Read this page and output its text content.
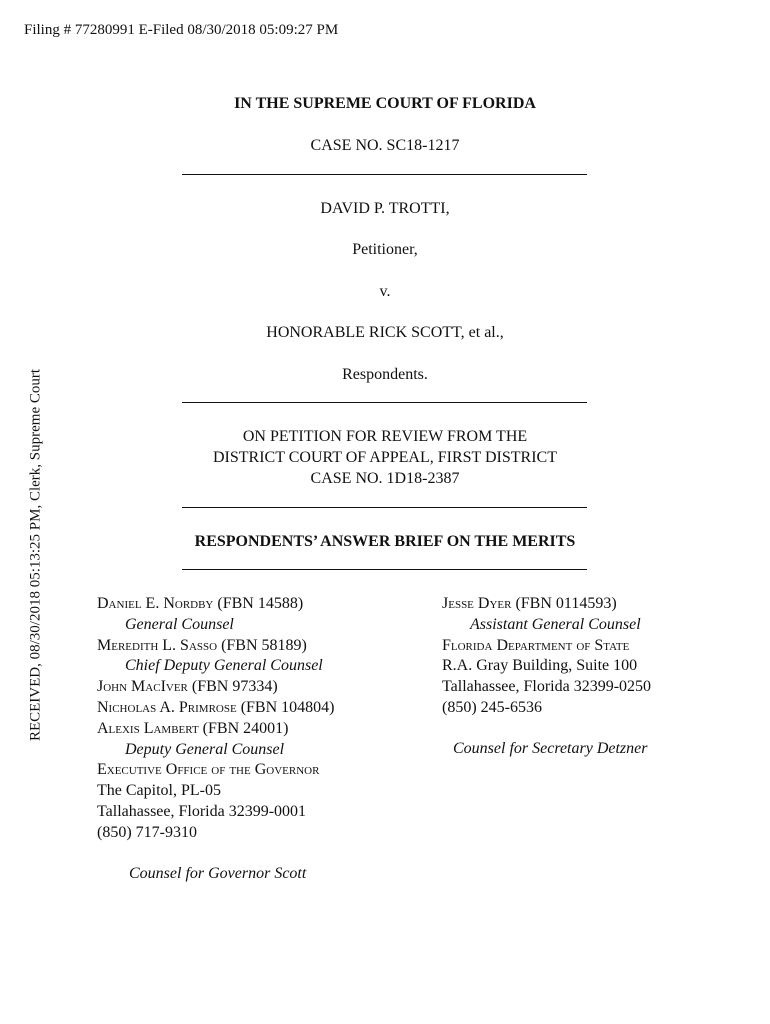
Filing # 77280991 E-Filed 08/30/2018 05:09:27 PM
RECEIVED, 08/30/2018 05:13:25 PM, Clerk, Supreme Court
IN THE SUPREME COURT OF FLORIDA
CASE NO. SC18-1217
DAVID P. TROTTI,
Petitioner,
v.
HONORABLE RICK SCOTT, et al.,
Respondents.
ON PETITION FOR REVIEW FROM THE
DISTRICT COURT OF APPEAL, FIRST DISTRICT
CASE NO. 1D18-2387
RESPONDENTS’ ANSWER BRIEF ON THE MERITS
Daniel E. Nordby (FBN 14588)
General Counsel
Meredith L. Sasso (FBN 58189)
Chief Deputy General Counsel
John MacIver (FBN 97334)
Nicholas A. Primrose (FBN 104804)
Alexis Lambert (FBN 24001)
Deputy General Counsel
Executive Office of the Governor
The Capitol, PL-05
Tallahassee, Florida 32399-0001
(850) 717-9310
Counsel for Governor Scott
Jesse Dyer (FBN 0114593)
Assistant General Counsel
Florida Department of State
R.A. Gray Building, Suite 100
Tallahassee, Florida 32399-0250
(850) 245-6536
Counsel for Secretary Detzner
